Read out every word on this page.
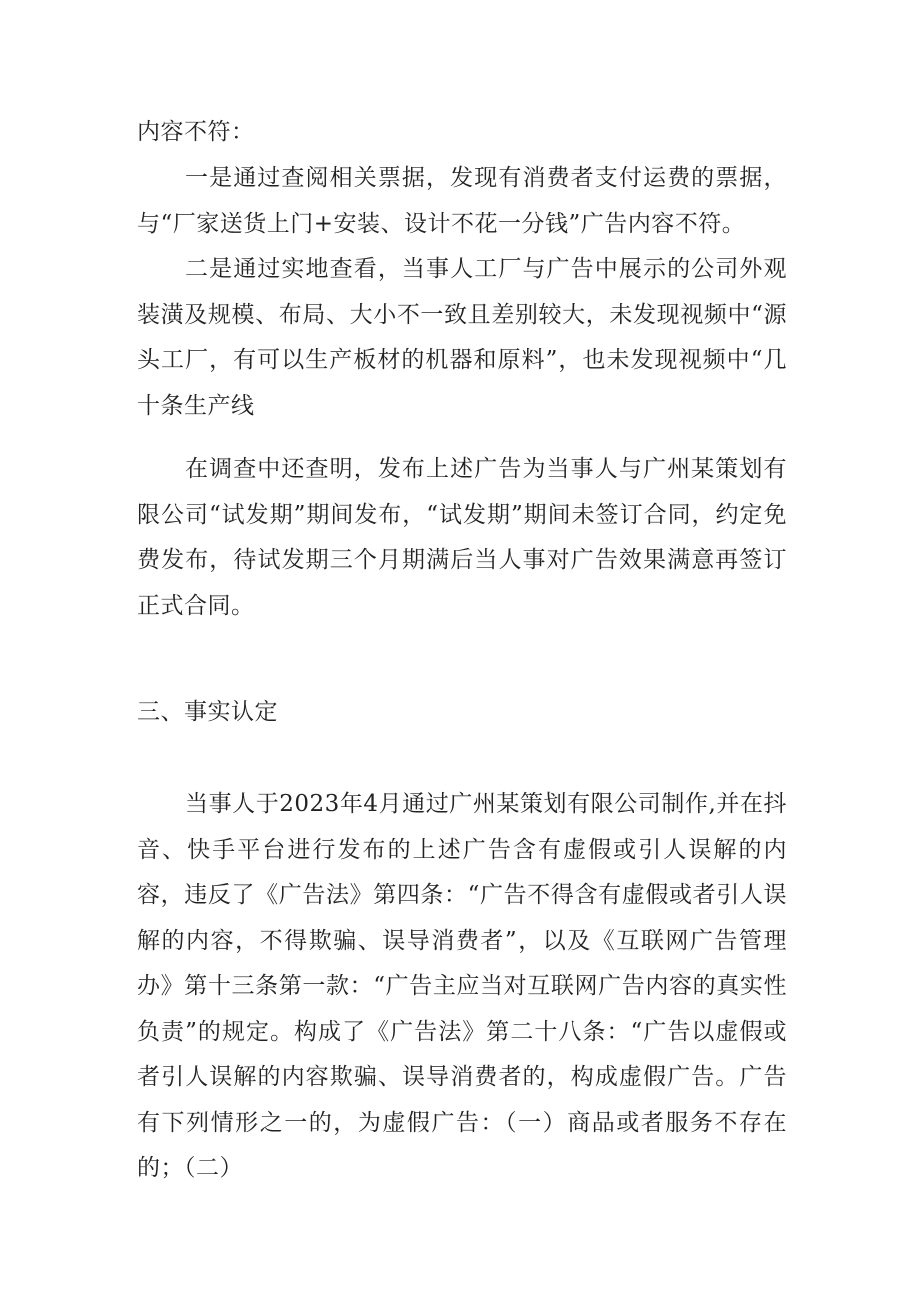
内容不符：

一是通过查阅相关票据，发现有消费者支付运费的票据，与“厂家送货上门+安装、设计不花一分钱”广告内容不符。

二是通过实地查看，当事人工厂与广告中展示的公司外观装潢及规模、布局、大小不一致且差别较大，未发现视频中“源头工厂，有可以生产板材的机器和原料”，也未发现视频中“几十条生产线

在调查中还查明，发布上述广告为当事人与广州某策划有限公司“试发期”期间发布，“试发期”期间未签订合同，约定免费发布，待试发期三个月期满后当人事对广告效果满意再签订正式合同。

三、事实认定

当事人于2023年4月通过广州某策划有限公司制作,并在抖音、快手平台进行发布的上述广告含有虚假或引人误解的内容，违反了《广告法》第四条：“广告不得含有虚假或者引人误解的内容，不得欺骗、误导消费者”，以及《互联网广告管理办》第十三条第一款：“广告主应当对互联网广告内容的真实性负责”的规定。构成了《广告法》第二十八条：“广告以虚假或者引人误解的内容欺骗、误导消费者的，构成虚假广告。广告有下列情形之一的，为虚假广告：（一）商品或者服务不存在的；（二）
